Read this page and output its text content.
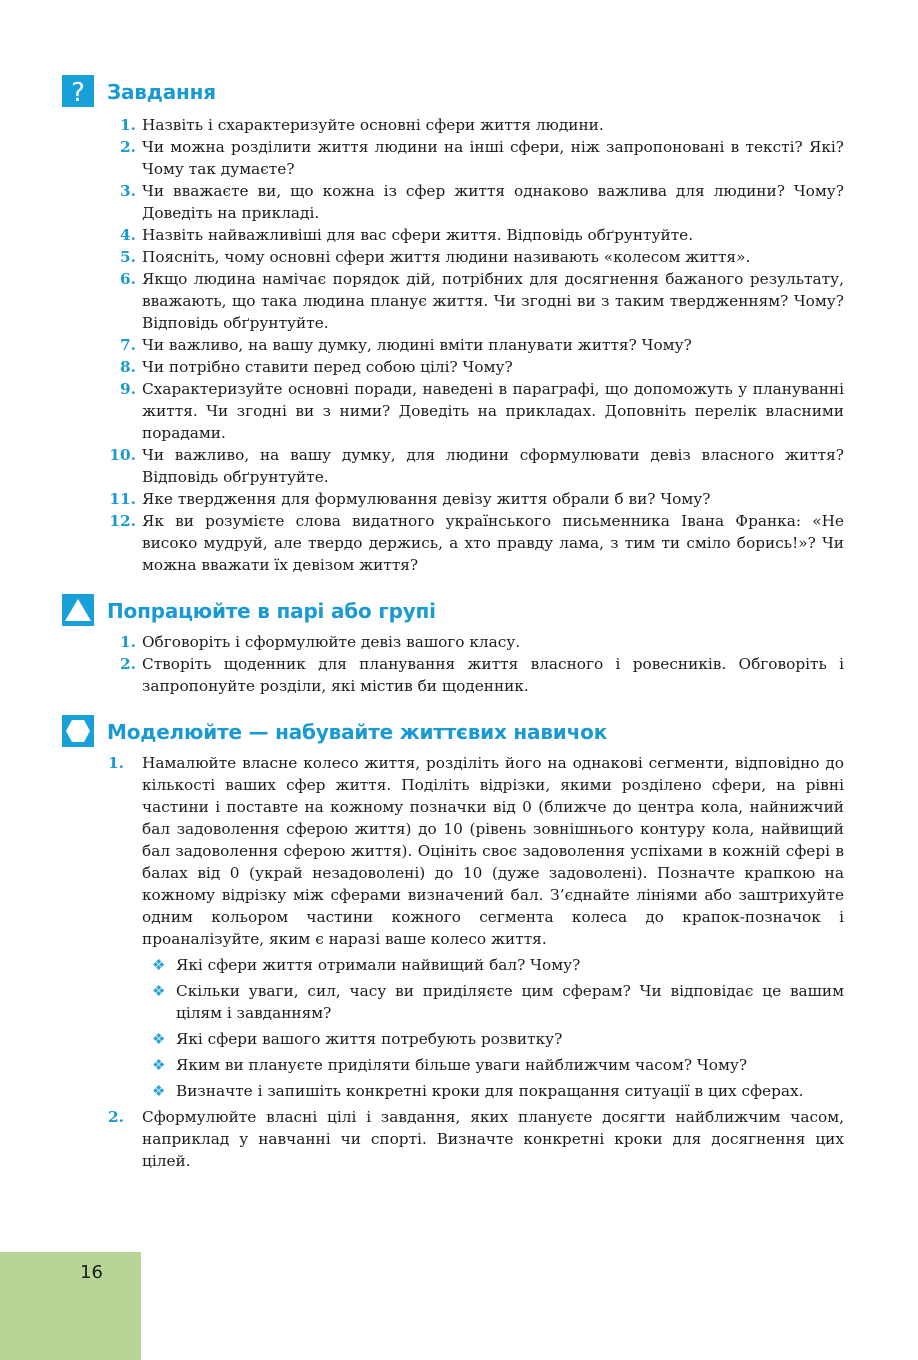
? Завдання
1. Назвіть і схарактеризуйте основні сфери життя людини.
2. Чи можна розділити життя людини на інші сфери, ніж запропоновані в тексті? Які? Чому так думаєте?
3. Чи вважаєте ви, що кожна із сфер життя однаково важлива для людини? Чому? Доведіть на прикладі.
4. Назвіть найважливіші для вас сфери життя. Відповідь обґрунтуйте.
5. Поясніть, чому основні сфери життя людини називають «колесом життя».
6. Якщо людина намічає порядок дій, потрібних для досягнення бажаного результату, вважають, що така людина планує життя. Чи згодні ви з таким твердженням? Чому? Відповідь обґрунтуйте.
7. Чи важливо, на вашу думку, людині вміти планувати життя? Чому?
8. Чи потрібно ставити перед собою цілі? Чому?
9. Схарактеризуйте основні поради, наведені в параграфі, що допоможуть у плануванні життя. Чи згодні ви з ними? Доведіть на прикладах. Доповніть перелік власними порадами.
10. Чи важливо, на вашу думку, для людини сформулювати девіз власного життя? Відповідь обґрунтуйте.
11. Яке твердження для формулювання девізу життя обрали б ви? Чому?
12. Як ви розумієте слова видатного українського письменника Івана Франка: «Не високо мудруй, але твердо держись, а хто правду лама, з тим ти сміло борись!»? Чи можна вважати їх девізом життя?
Попрацюйте в парі або групі
1. Обговоріть і сформулюйте девіз вашого класу.
2. Створіть щоденник для планування життя власного і ровесників. Обговоріть і запропонуйте розділи, які містив би щоденник.
Моделюйте — набувайте життєвих навичок
1. Намалюйте власне колесо життя, розділіть його на однакові сегменти, відповідно до кількості ваших сфер життя. Поділіть відрізки, якими розділено сфери, на рівні частини і поставте на кожному позначки від 0 (ближче до центра кола, найнижчий бал задоволення сферою життя) до 10 (рівень зовнішнього контуру кола, найвищий бал задоволення сферою життя). Оцініть своє задоволення успіхами в кожній сфері в балах від 0 (украй незадоволені) до 10 (дуже задоволені). Позначте крапкою на кожному відрізку між сферами визначений бал. З’єднайте лініями або заштрихуйте одним кольором частини кожного сегмента колеса до крапок-позначок і проаналізуйте, яким є наразі ваше колесо життя.
❖ Які сфери життя отримали найвищий бал? Чому?
❖ Скільки уваги, сил, часу ви приділяєте цим сферам? Чи відповідає це вашим цілям і завданням?
❖ Які сфери вашого життя потребують розвитку?
❖ Яким ви плануєте приділяти більше уваги найближчим часом? Чому?
❖ Визначте і запишіть конкретні кроки для покращання ситуації в цих сферах.
2. Сформулюйте власні цілі і завдання, яких плануєте досягти найближчим часом, наприклад у навчанні чи спорті. Визначте конкретні кроки для досягнення цих цілей.
16
